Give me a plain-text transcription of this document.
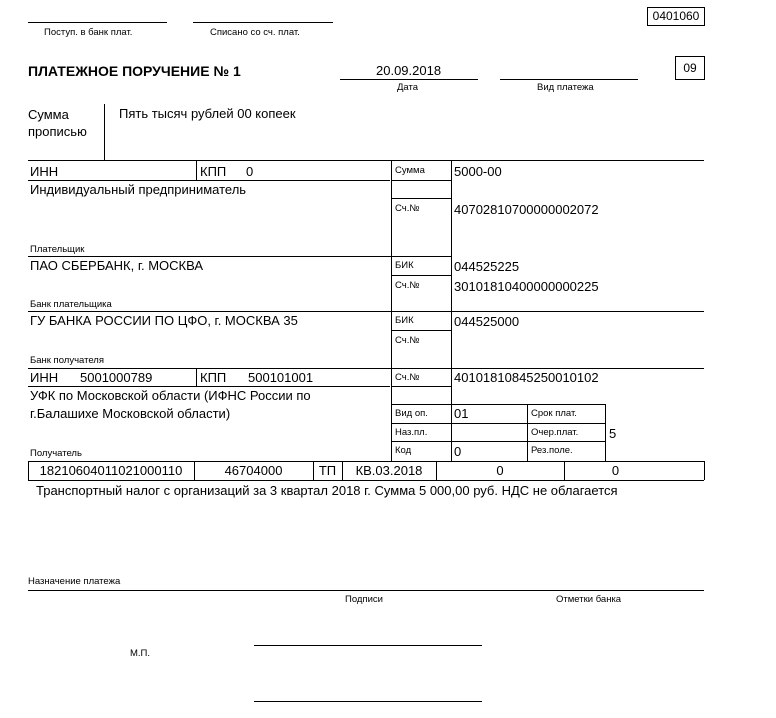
Поступ. в банк плат.	Списано со сч. плат.
0401060
ПЛАТЕЖНОЕ ПОРУЧЕНИЕ № 1	20.09.2018
Дата	Вид платежа
09
Сумма прописью
Пять тысяч рублей 00 копеек
ИНН	КПП 0
Индивидуальный предприниматель
Плательщик
Сумма 5000-00
Сч.№	40702810700000002072
ПАО СБЕРБАНК, г. МОСКВА
Банк плательщика
БИК	044525225
Сч.№	30101810400000000225
ГУ БАНКА РОССИИ ПО ЦФО, г. МОСКВА 35
Банк получателя
БИК	044525000
Сч.№
ИНН 5001000789	КПП 500101001	Сч.№	40101810845250010102
УФК по Московской области (ИФНС России по
г.Балашихе Московской области)
Получатель
Вид оп. 01	Срок плат.
Наз.пл.	Очер.плат. 5
Код	0	Рез.поле.
18210604011021000110	46704000	ТП	КВ.03.2018	0	0
Транспортный налог с организаций за 3 квартал 2018 г. Сумма 5 000,00 руб. НДС не облагается
Назначение платежа
Подписи	Отметки банка
М.П.
